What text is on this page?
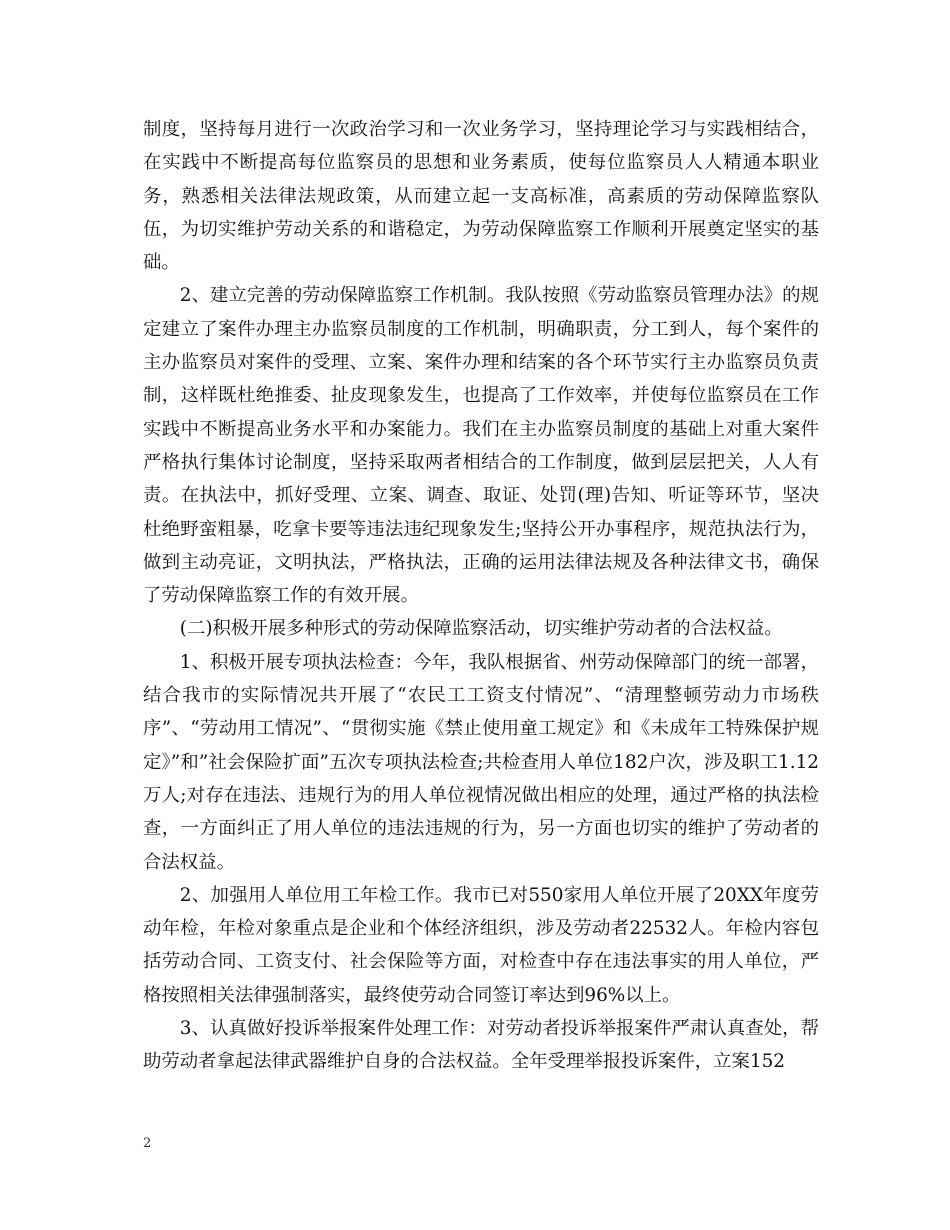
制度，坚持每月进行一次政治学习和一次业务学习，坚持理论学习与实践相结合，在实践中不断提高每位监察员的思想和业务素质，使每位监察员人人精通本职业务，熟悉相关法律法规政策，从而建立起一支高标准，高素质的劳动保障监察队伍，为切实维护劳动关系的和谐稳定，为劳动保障监察工作顺利开展奠定坚实的基础。

2、建立完善的劳动保障监察工作机制。我队按照《劳动监察员管理办法》的规定建立了案件办理主办监察员制度的工作机制，明确职责，分工到人，每个案件的主办监察员对案件的受理、立案、案件办理和结案的各个环节实行主办监察员负责制，这样既杜绝推委、扯皮现象发生，也提高了工作效率，并使每位监察员在工作实践中不断提高业务水平和办案能力。我们在主办监察员制度的基础上对重大案件严格执行集体讨论制度，坚持采取两者相结合的工作制度，做到层层把关，人人有责。在执法中，抓好受理、立案、调查、取证、处罚(理)告知、听证等环节，坚决杜绝野蛮粗暴，吃拿卡要等违法违纪现象发生;坚持公开办事程序，规范执法行为，做到主动亮证，文明执法，严格执法，正确的运用法律法规及各种法律文书，确保了劳动保障监察工作的有效开展。

(二)积极开展多种形式的劳动保障监察活动，切实维护劳动者的合法权益。

1、积极开展专项执法检查：今年，我队根据省、州劳动保障部门的统一部署，结合我市的实际情况共开展了“农民工工资支付情况”、“清理整顿劳动力市场秩序”、“劳动用工情况”、“贯彻实施《禁止使用童工规定》和《未成年工特殊保护规定》”和”社会保险扩面”五次专项执法检查;共检查用人单位182户次，涉及职工1.12万人;对存在违法、违规行为的用人单位视情况做出相应的处理，通过严格的执法检查，一方面纠正了用人单位的违法违规的行为，另一方面也切实的维护了劳动者的合法权益。

2、加强用人单位用工年检工作。我市已对550家用人单位开展了20XX年度劳动年检，年检对象重点是企业和个体经济组织，涉及劳动者22532人。年检内容包括劳动合同、工资支付、社会保险等方面，对检查中存在违法事实的用人单位，严格按照相关法律强制落实，最终使劳动合同签订率达到96%以上。

3、认真做好投诉举报案件处理工作：对劳动者投诉举报案件严肃认真查处，帮助劳动者拿起法律武器维护自身的合法权益。全年受理举报投诉案件，立案152

2
